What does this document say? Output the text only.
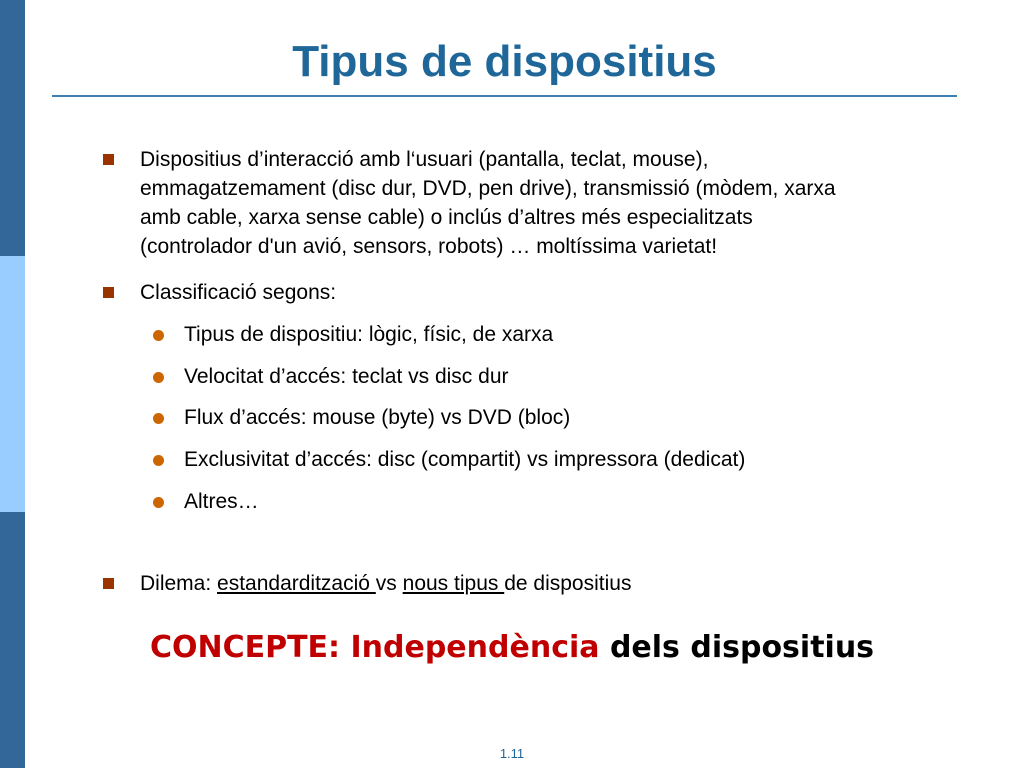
Tipus de dispositius
Dispositius d’interacció amb l‘usuari (pantalla, teclat, mouse),
emmagatzemament (disc dur, DVD, pen drive), transmissió (mòdem, xarxa
amb cable, xarxa sense cable) o inclús d’altres més especialitzats
(controlador d'un avió, sensors, robots) … moltíssima varietat!
Classificació segons:
Tipus de dispositiu: lògic, físic, de xarxa
Velocitat d’accés: teclat vs disc dur
Flux d’accés: mouse (byte) vs DVD (bloc)
Exclusivitat d’accés: disc (compartit) vs impressora (dedicat)
Altres…
Dilema: estandardització vs nous tipus de dispositius
CONCEPTE: Independència dels dispositius
1.11
